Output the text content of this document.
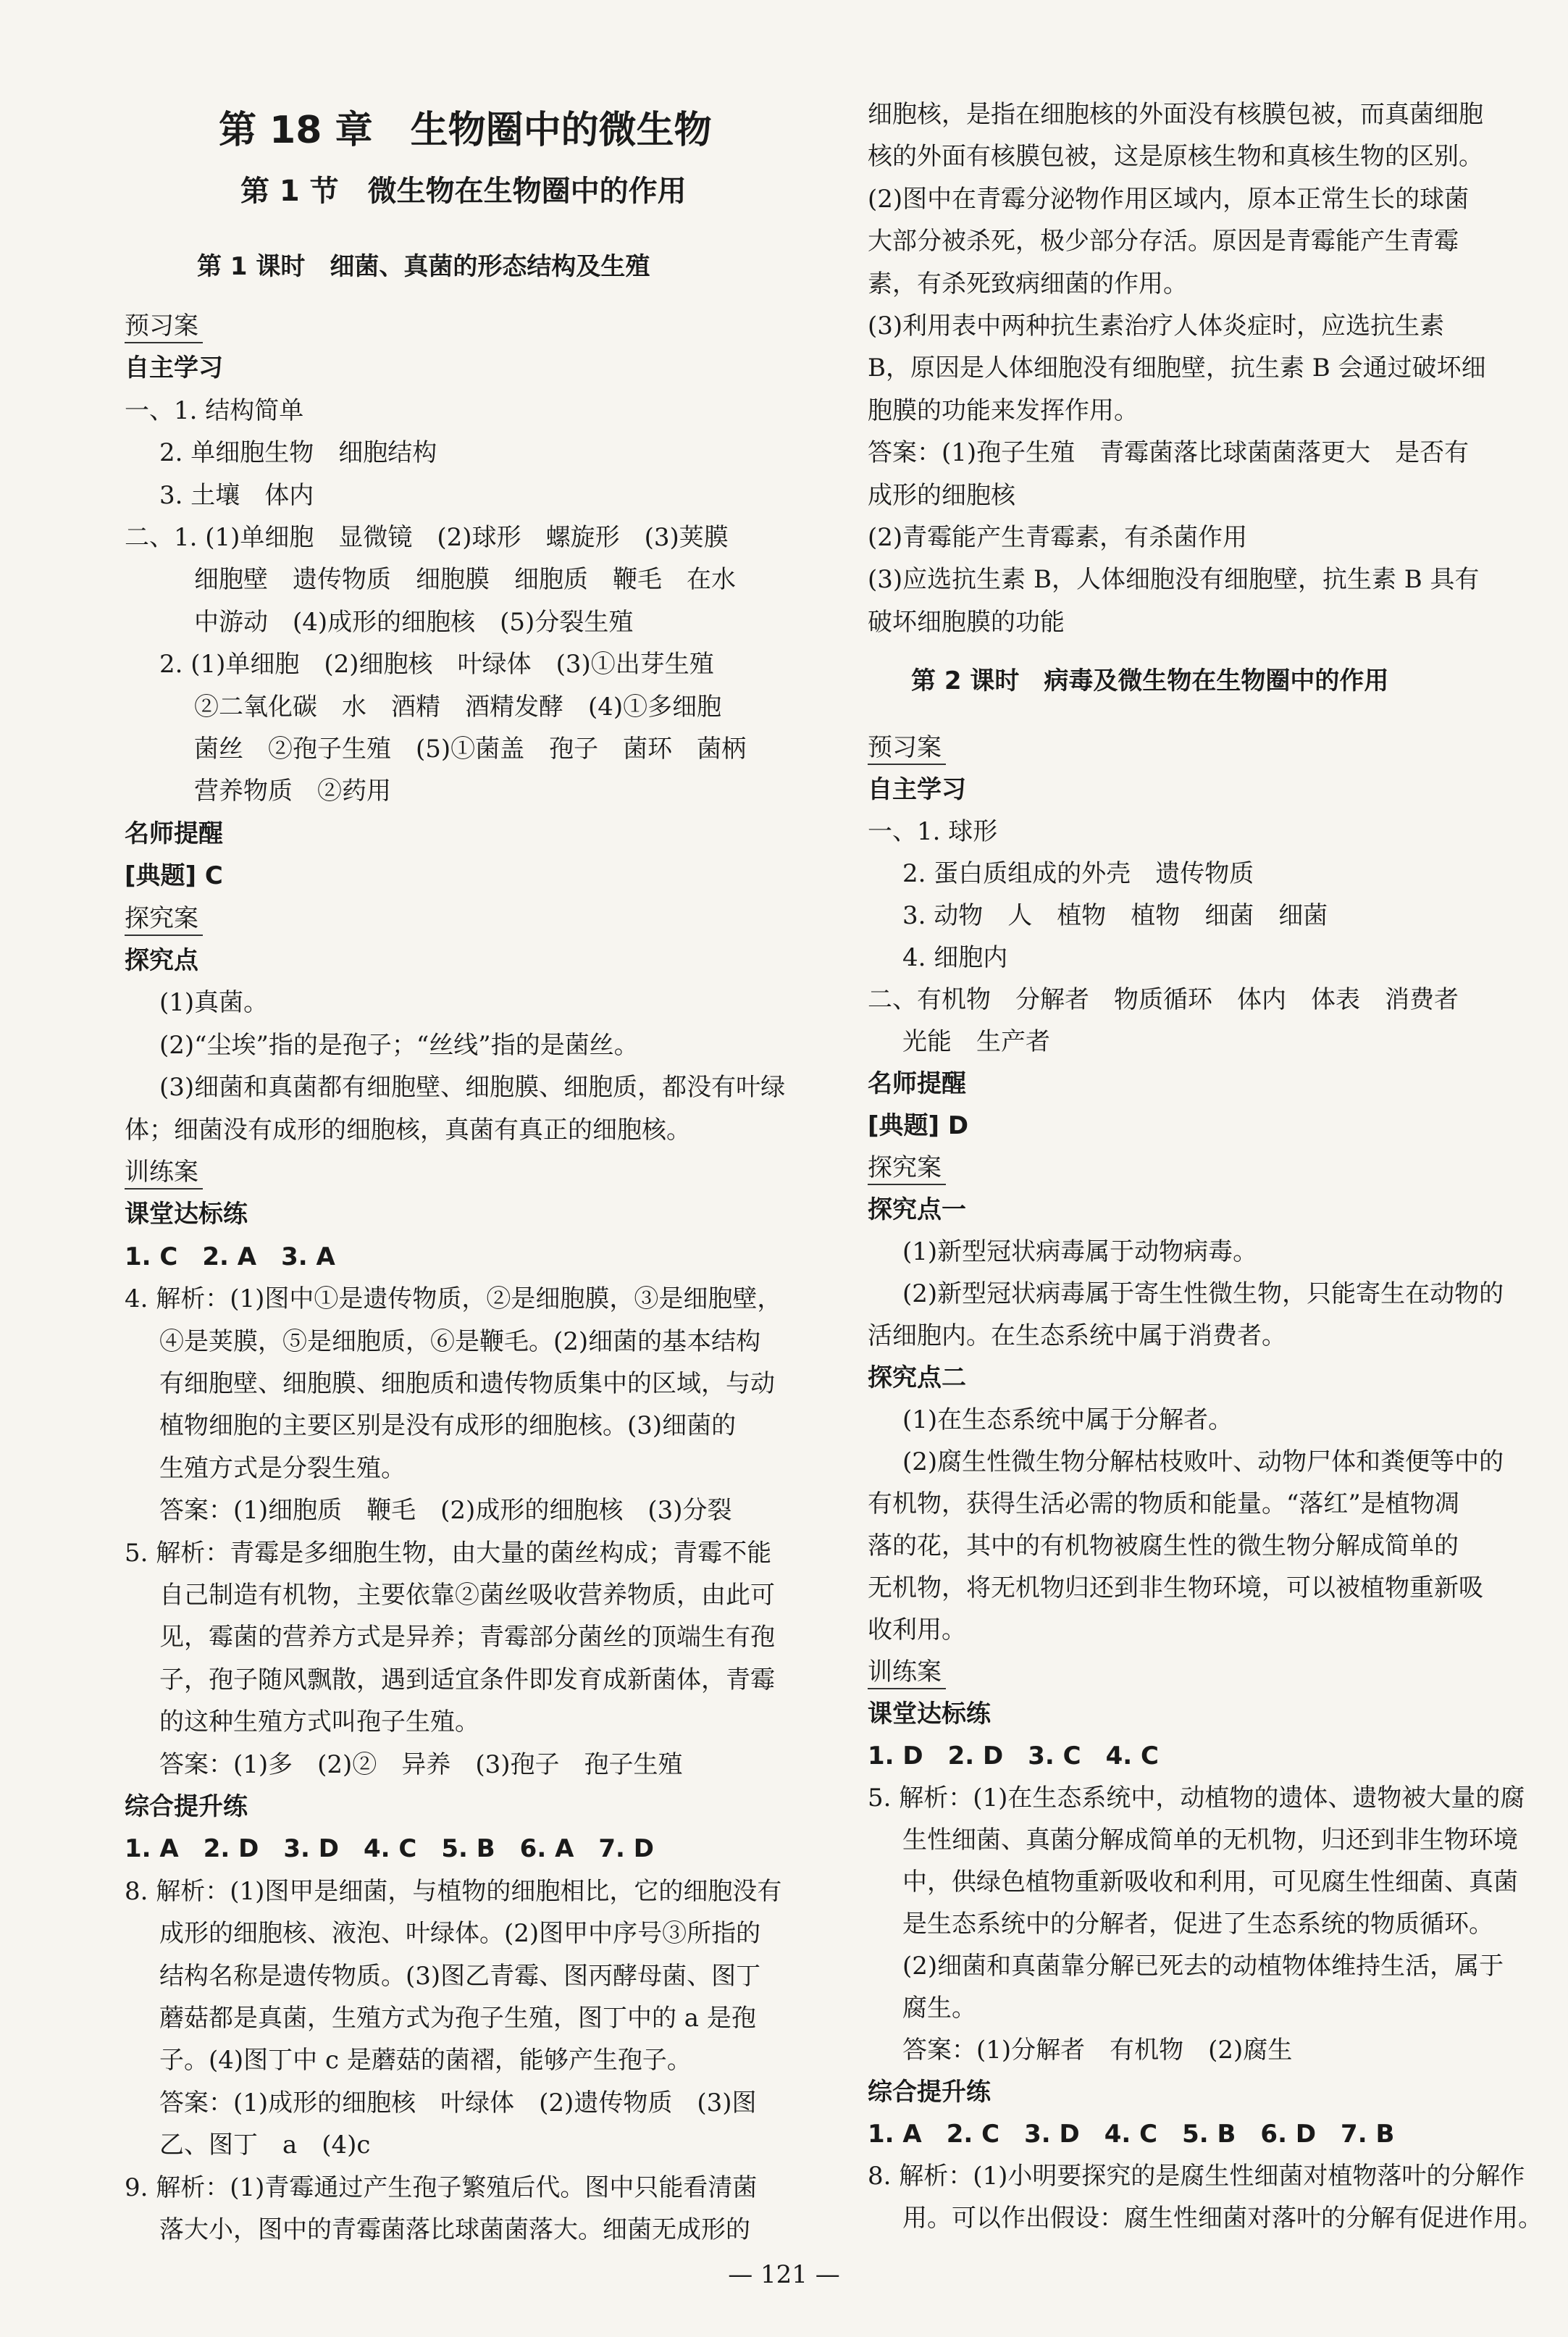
第 18 章　生物圈中的微生物
第 1 节　微生物在生物圈中的作用
第 1 课时　细菌、真菌的形态结构及生殖
预习案
自主学习
一、1. 结构简单
2. 单细胞生物　细胞结构
3. 土壤　体内
二、1. (1)单细胞　显微镜　(2)球形　螺旋形　(3)荚膜
细胞壁　遗传物质　细胞膜　细胞质　鞭毛　在水
中游动　(4)成形的细胞核　(5)分裂生殖
2. (1)单细胞　(2)细胞核　叶绿体　(3)①出芽生殖
②二氧化碳　水　酒精　酒精发酵　(4)①多细胞
菌丝　②孢子生殖　(5)①菌盖　孢子　菌环　菌柄
营养物质　②药用
名师提醒
[典题] C
探究案
探究点
(1)真菌。
(2)“尘埃”指的是孢子；“丝线”指的是菌丝。
(3)细菌和真菌都有细胞壁、细胞膜、细胞质，都没有叶绿
体；细菌没有成形的细胞核，真菌有真正的细胞核。
训练案
课堂达标练
1. C　2. A　3. A
4. 解析：(1)图中①是遗传物质，②是细胞膜，③是细胞壁，
④是荚膜，⑤是细胞质，⑥是鞭毛。(2)细菌的基本结构
有细胞壁、细胞膜、细胞质和遗传物质集中的区域，与动
植物细胞的主要区别是没有成形的细胞核。(3)细菌的
生殖方式是分裂生殖。
答案：(1)细胞质　鞭毛　(2)成形的细胞核　(3)分裂
5. 解析：青霉是多细胞生物，由大量的菌丝构成；青霉不能
自己制造有机物，主要依靠②菌丝吸收营养物质，由此可
见，霉菌的营养方式是异养；青霉部分菌丝的顶端生有孢
子，孢子随风飘散，遇到适宜条件即发育成新菌体，青霉
的这种生殖方式叫孢子生殖。
答案：(1)多　(2)②　异养　(3)孢子　孢子生殖
综合提升练
1. A　2. D　3. D　4. C　5. B　6. A　7. D
8. 解析：(1)图甲是细菌，与植物的细胞相比，它的细胞没有
成形的细胞核、液泡、叶绿体。(2)图甲中序号③所指的
结构名称是遗传物质。(3)图乙青霉、图丙酵母菌、图丁
蘑菇都是真菌，生殖方式为孢子生殖，图丁中的 a 是孢
子。(4)图丁中 c 是蘑菇的菌褶，能够产生孢子。
答案：(1)成形的细胞核　叶绿体　(2)遗传物质　(3)图
乙、图丁　a　(4)c
9. 解析：(1)青霉通过产生孢子繁殖后代。图中只能看清菌
落大小，图中的青霉菌落比球菌菌落大。细菌无成形的
细胞核，是指在细胞核的外面没有核膜包被，而真菌细胞
核的外面有核膜包被，这是原核生物和真核生物的区别。
(2)图中在青霉分泌物作用区域内，原本正常生长的球菌
大部分被杀死，极少部分存活。原因是青霉能产生青霉
素，有杀死致病细菌的作用。
(3)利用表中两种抗生素治疗人体炎症时，应选抗生素
B，原因是人体细胞没有细胞壁，抗生素 B 会通过破坏细
胞膜的功能来发挥作用。
答案：(1)孢子生殖　青霉菌落比球菌菌落更大　是否有
成形的细胞核
(2)青霉能产生青霉素，有杀菌作用
(3)应选抗生素 B，人体细胞没有细胞壁，抗生素 B 具有
破坏细胞膜的功能
第 2 课时　病毒及微生物在生物圈中的作用
预习案
自主学习
一、1. 球形
2. 蛋白质组成的外壳　遗传物质
3. 动物　人　植物　植物　细菌　细菌
4. 细胞内
二、有机物　分解者　物质循环　体内　体表　消费者
光能　生产者
名师提醒
[典题] D
探究案
探究点一
(1)新型冠状病毒属于动物病毒。
(2)新型冠状病毒属于寄生性微生物，只能寄生在动物的
活细胞内。在生态系统中属于消费者。
探究点二
(1)在生态系统中属于分解者。
(2)腐生性微生物分解枯枝败叶、动物尸体和粪便等中的
有机物，获得生活必需的物质和能量。“落红”是植物凋
落的花，其中的有机物被腐生性的微生物分解成简单的
无机物，将无机物归还到非生物环境，可以被植物重新吸
收利用。
训练案
课堂达标练
1. D　2. D　3. C　4. C
5. 解析：(1)在生态系统中，动植物的遗体、遗物被大量的腐
生性细菌、真菌分解成简单的无机物，归还到非生物环境
中，供绿色植物重新吸收和利用，可见腐生性细菌、真菌
是生态系统中的分解者，促进了生态系统的物质循环。
(2)细菌和真菌靠分解已死去的动植物体维持生活，属于
腐生。
答案：(1)分解者　有机物　(2)腐生
综合提升练
1. A　2. C　3. D　4. C　5. B　6. D　7. B
8. 解析：(1)小明要探究的是腐生性细菌对植物落叶的分解作
用。可以作出假设：腐生性细菌对落叶的分解有促进作用。
— 121 —
